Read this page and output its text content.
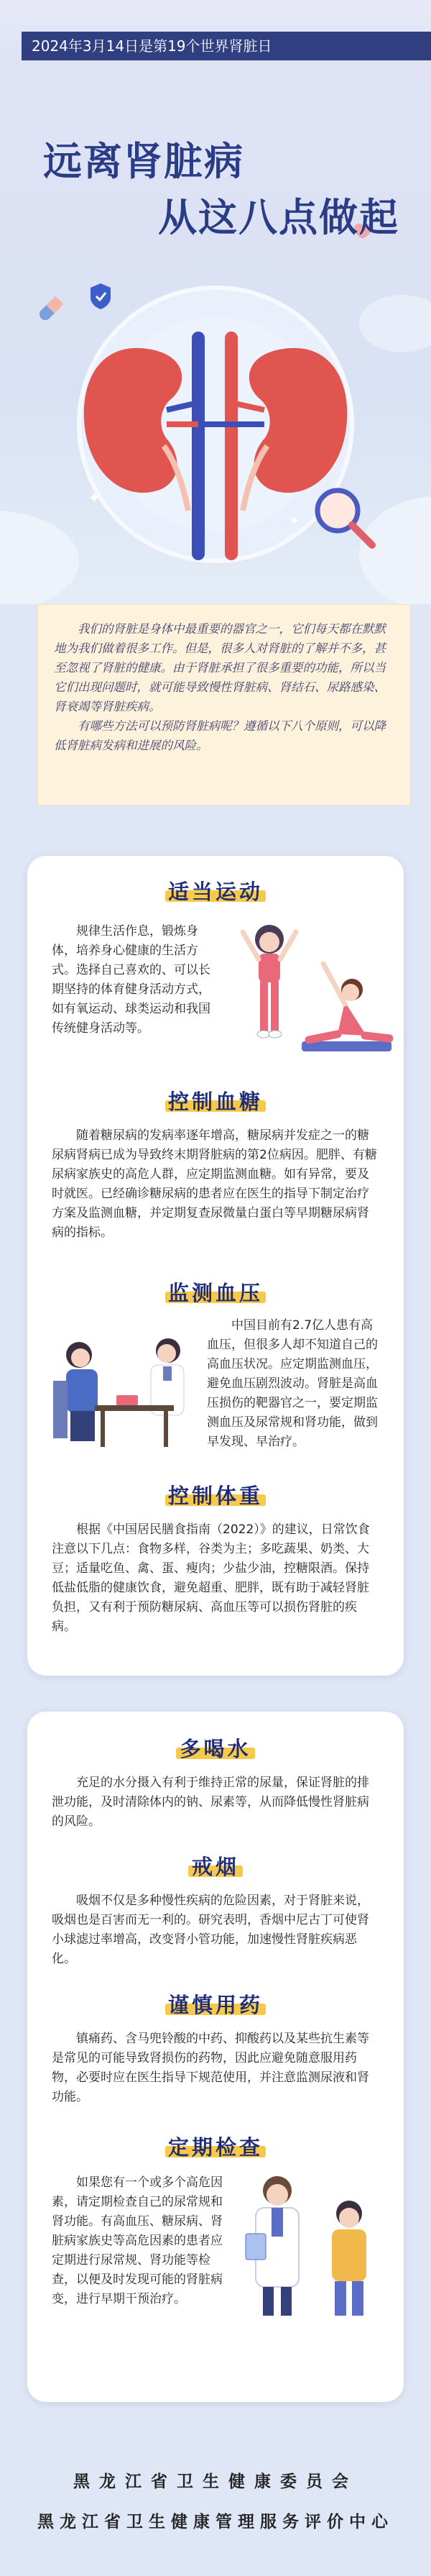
2024年3月14日是第19个世界肾脏日
✦
✦
远离肾脏病
从这八点做起

我们的肾脏是身体中最重要的器官之一，它们每天都在默默地为我们做着很多工作。但是，很多人对肾脏的了解并不多，甚至忽视了肾脏的健康。由于肾脏承担了很多重要的功能，所以当它们出现问题时，就可能导致慢性肾脏病、肾结石、尿路感染、肾衰竭等肾脏疾病。

有哪些方法可以预防肾脏病呢？遵循以下八个原则，可以降低肾脏病发病和进展的风险。

适当运动

规律生活作息，锻炼身体，培养身心健康的生活方式。选择自己喜欢的、可以长期坚持的体育健身活动方式，如有氧运动、球类运动和我国传统健身活动等。

控制血糖

随着糖尿病的发病率逐年增高，糖尿病并发症之一的糖尿病肾病已成为导致终末期肾脏病的第2位病因。肥胖、有糖尿病家族史的高危人群，应定期监测血糖。如有异常，要及时就医。已经确诊糖尿病的患者应在医生的指导下制定治疗方案及监测血糖，并定期复查尿微量白蛋白等早期糖尿病肾病的指标。

监测血压

中国目前有2.7亿人患有高血压，但很多人却不知道自己的高血压状况。应定期监测血压，避免血压剧烈波动。肾脏是高血压损伤的靶器官之一，要定期监测血压及尿常规和肾功能，做到早发现、早治疗。

控制体重

根据《中国居民膳食指南（2022）》的建议，日常饮食注意以下几点：食物多样，谷类为主；多吃蔬果、奶类、大豆；适量吃鱼、禽、蛋、瘦肉；少盐少油，控糖限酒。保持低盐低脂的健康饮食，避免超重、肥胖，既有助于减轻肾脏负担，又有利于预防糖尿病、高血压等可以损伤肾脏的疾病。

多喝水

充足的水分摄入有利于维持正常的尿量，保证肾脏的排泄功能，及时清除体内的钠、尿素等，从而降低慢性肾脏病的风险。

戒烟

吸烟不仅是多种慢性疾病的危险因素，对于肾脏来说，吸烟也是百害而无一利的。研究表明，香烟中尼古丁可使肾小球滤过率增高，改变肾小管功能，加速慢性肾脏疾病恶化。

谨慎用药

镇痛药、含马兜铃酸的中药、抑酸药以及某些抗生素等是常见的可能导致肾损伤的药物，因此应避免随意服用药物，必要时应在医生指导下规范使用，并注意监测尿液和肾功能。

定期检查

如果您有一个或多个高危因素，请定期检查自己的尿常规和肾功能。有高血压、糖尿病、肾脏病家族史等高危因素的患者应定期进行尿常规、肾功能等检查，以便及时发现可能的肾脏病变，进行早期干预治疗。

黑龙江省卫生健康委员会
黑龙江省卫生健康管理服务评价中心
